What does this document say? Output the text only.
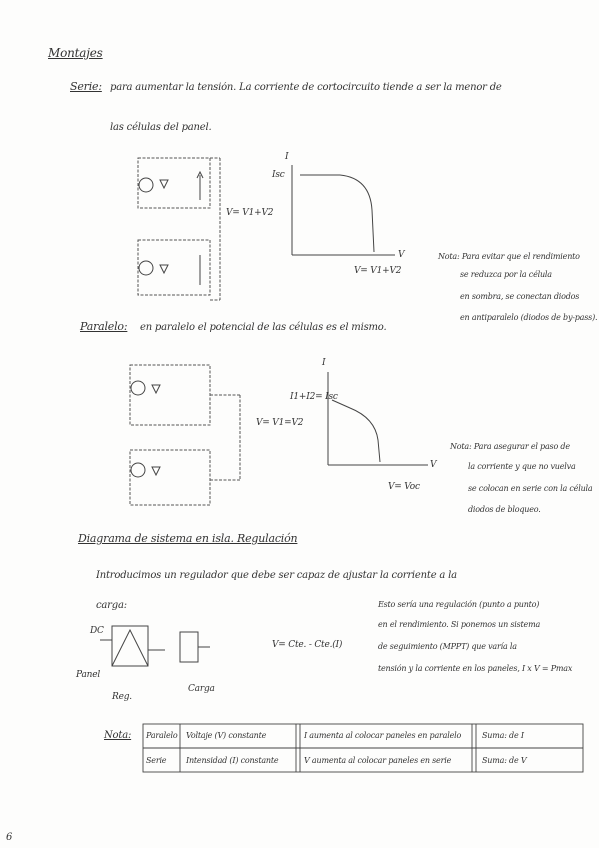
Montajes
Serie: para aumentar la tensión. La corriente de cortocircuito tiende a ser la menor de
las células del panel.
Paralelo: en paralelo el potencial de las células es el mismo.
Diagrama de sistema en isla. Regulación
Introducimos un regulador que debe ser capaz de ajustar la corriente a la
carga:
V= V1+V2
Isc
I
V
V= V1+V2
Nota: Para evitar que el rendimiento
se reduzca por la célula
en sombra, se conectan diodos
en antiparalelo (diodos de by-pass).
V= V1=V2
I1+I2= Isc
I
V
V= Voc
Nota: Para asegurar el paso de
la corriente y que no vuelva
se colocan en serie con la célula
diodos de bloqueo.
DC
Panel
Reg.
Carga
V= Cte. - Cte.(I)
Esto sería una regulación (punto a punto)
en el rendimiento. Si ponemos un sistema
de seguimiento (MPPT) que varía la
tensión y la corriente en los paneles, I x V = Pmax
Nota: Paralelo Voltaje (V) constante	I aumenta al colocar paneles en paralelo	Suma: de I
Serie Intensidad (I) constante	V aumenta al colocar paneles en serie	Suma: de V
6
